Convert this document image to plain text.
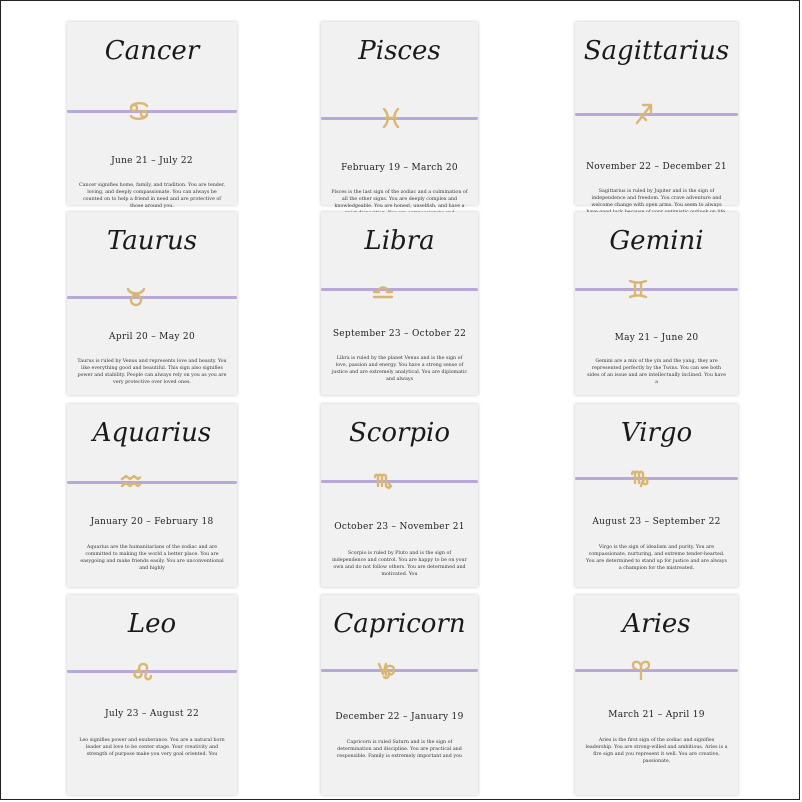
Cancer
June 21 – July 22
Cancer signifies home, family, and tradition. You are tender, loving, and deeply compassionate. You can always be counted on to help a friend in need and are protective of those around you.
Pisces
February 19 – March 20
Pisces is the last sign of the zodiac and a culmination of all the other signs. You are deeply complex and knowledgeable. You are honest, unselfish, and have a
Sagittarius
November 22 – December 21
Sagittarius is ruled by Jupiter and is the sign of independence and freedom. You crave adventure and welcome change with open arms. You seem to always
Taurus
April 20 – May 20
Taurus is ruled by Venus and represents love and beauty. You like everything good and beautiful. This sign also signifies power and stability. People can always rely on you as you are very protective over loved ones.
Libra
September 23 – October 22
Libra is ruled by the planet Venus and is the sign of love, passion and energy. You have a strong sense of justice and are extremely analytical. You are diplomatic and always
Gemini
May 21 – June 20
Gemini are a mix of the yin and the yang, they are represented perfectly by the Twins. You can see both sides of an issue and are intellectually inclined. You have a
Aquarius
January 20 – February 18
Aquarius are the humanitarians of the zodiac and are committed to making the world a better place. You are easygoing and make friends easily. You are unconventional and highly
Scorpio
October 23 – November 21
Scorpio is ruled by Pluto and is the sign of independence and control. You are happy to be on your own and do not follow others. You are determined and motivated. You
Virgo
August 23 – September 22
Virgo is the sign of idealism and purity. You are compassionate, nurturing, and extreme tender-hearted. You are determined to stand up for justice and are always a champion for the mistreated.
Leo
July 23 – August 22
Leo signifies power and exuberance. You are a natural born leader and love to be center stage. Your creativity and strength of purpose make you very goal oriented. You
Capricorn
December 22 – January 19
Capricorn is ruled Saturn and is the sign of determination and discipline. You are practical and responsible. Family is extremely important and you
Aries
March 21 – April 19
Aries is the first sign of the zodiac and signifies leadership. You are strong-willed and ambitious. Aries is a fire sign and you represent it well. You are creative, passionate,
